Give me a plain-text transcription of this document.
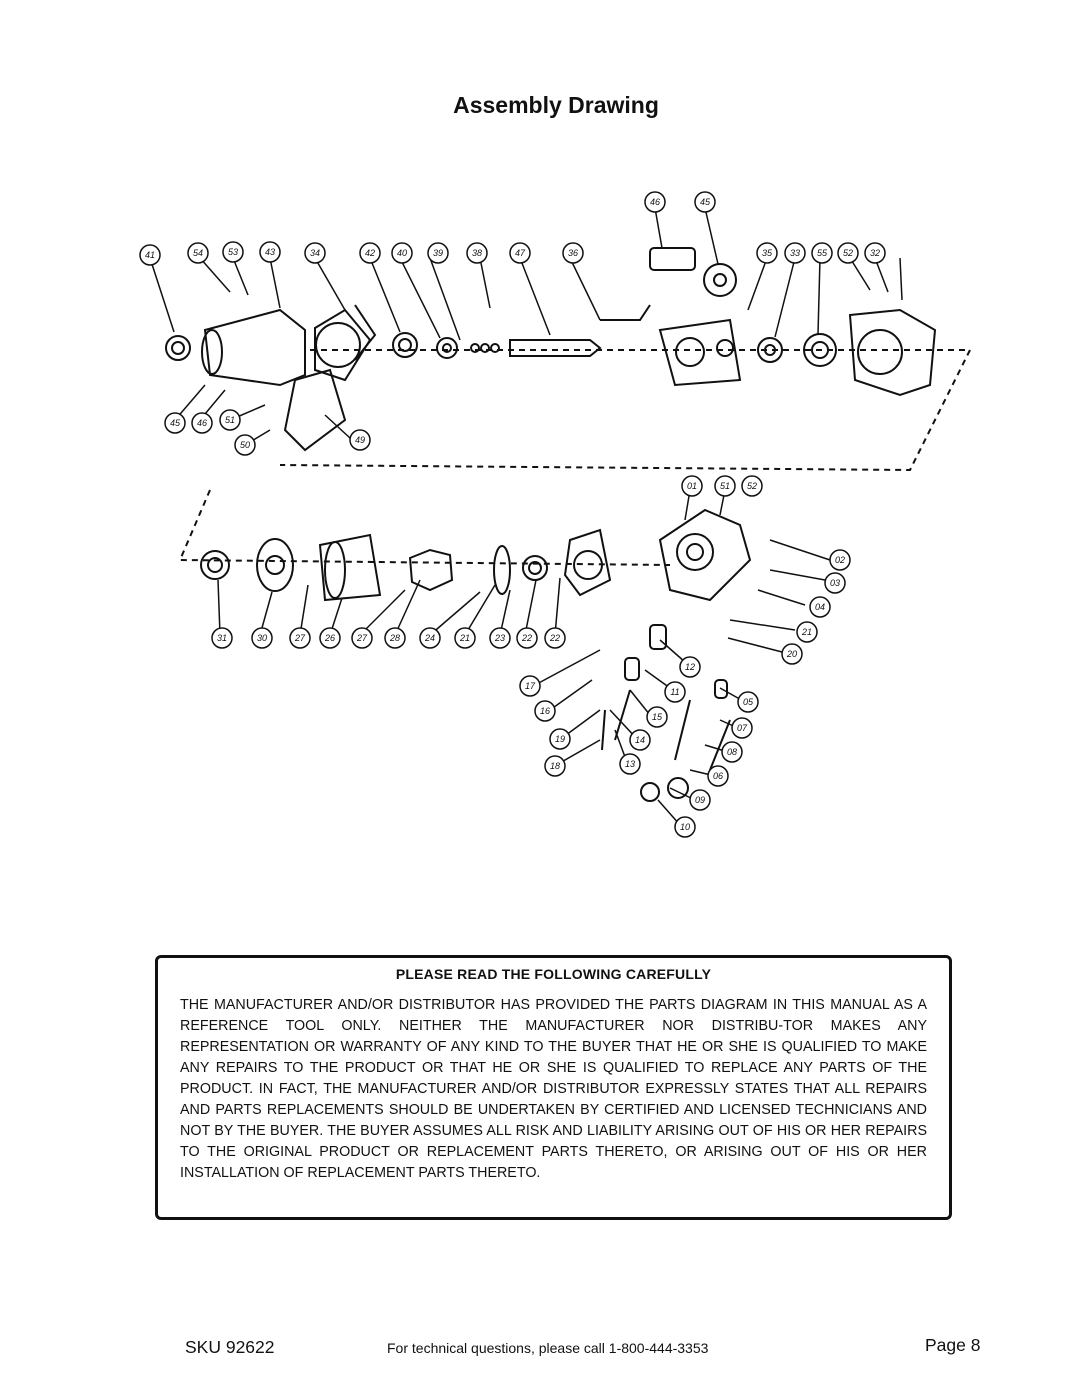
Assembly Drawing
41	54	53	43	34	42 40	39	38	47	36
46	45
35 33 55 52 32
45 46 51
50	49
31	30	27 26 27	28	24	21	23 22 22
01	51 52
02
03
04
21
20
12
11
15
14
13
17
16
19
18
05
07
08
06
09
10
PLEASE READ THE FOLLOWING CAREFULLY
THE MANUFACTURER AND/OR DISTRIBUTOR HAS PROVIDED THE PARTS DIAGRAM IN THIS MANUAL AS A REFERENCE TOOL ONLY. NEITHER THE MANUFACTURER NOR DISTRIBU-TOR MAKES ANY REPRESENTATION OR WARRANTY OF ANY KIND TO THE BUYER THAT HE OR SHE IS QUALIFIED TO MAKE ANY REPAIRS TO THE PRODUCT OR THAT HE OR SHE IS QUALIFIED TO REPLACE ANY PARTS OF THE PRODUCT. IN FACT, THE MANUFACTURER AND/OR DISTRIBUTOR EXPRESSLY STATES THAT ALL REPAIRS AND PARTS REPLACEMENTS SHOULD BE UNDERTAKEN BY CERTIFIED AND LICENSED TECHNICIANS AND NOT BY THE BUYER. THE BUYER ASSUMES ALL RISK AND LIABILITY ARISING OUT OF HIS OR HER REPAIRS TO THE ORIGINAL PRODUCT OR REPLACEMENT PARTS THERETO, OR ARISING OUT OF HIS OR HER INSTALLATION OF REPLACEMENT PARTS THERETO.
SKU 92622	For technical questions, please call 1-800-444-3353	Page 8
